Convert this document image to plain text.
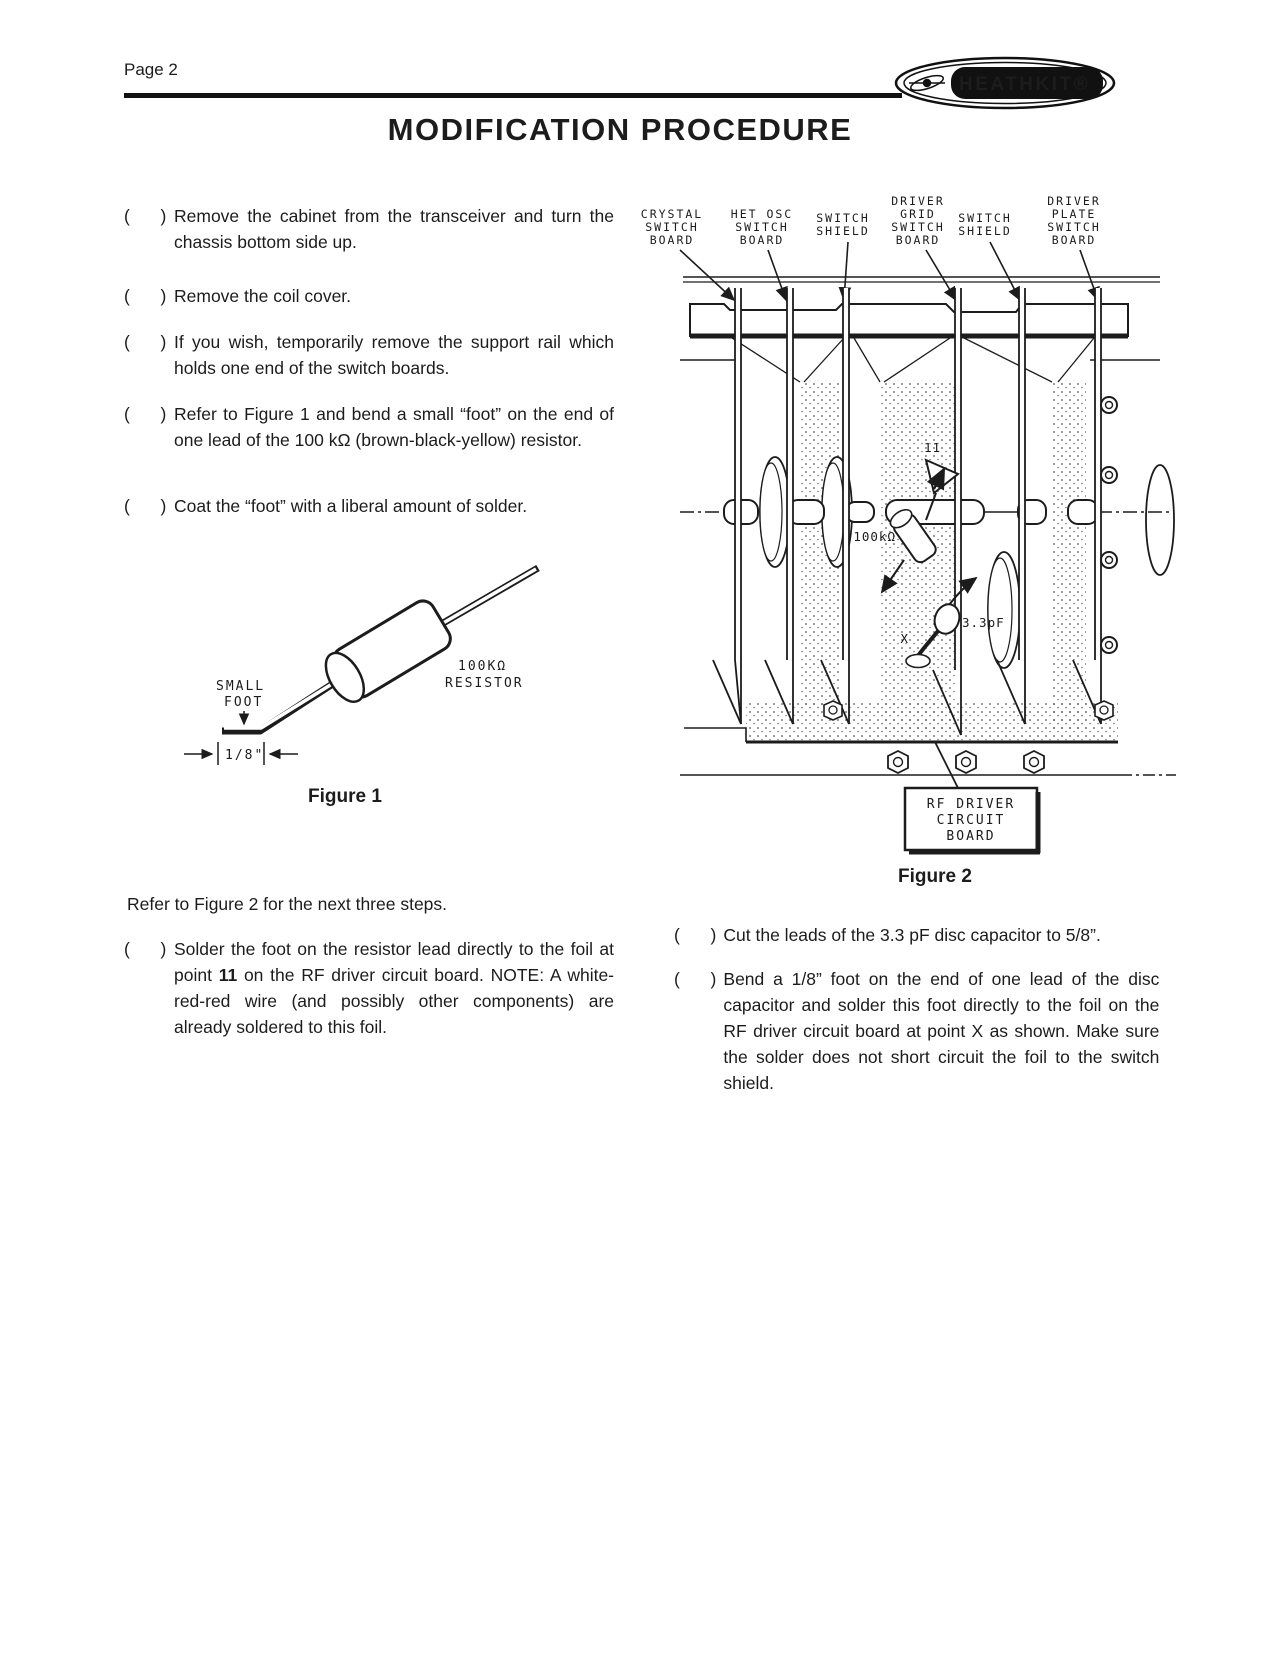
Page 2
HEATHKIT®
MODIFICATION PROCEDURE
(  ) Remove the cabinet from the transceiver and turn the chassis bottom side up.
(  ) Remove the coil cover.
(  ) If you wish, temporarily remove the support rail which holds one end of the switch boards.
(  ) Refer to Figure 1 and bend a small “foot” on the end of one lead of the 100 kΩ (brown-black-yellow) resistor.
(  ) Coat the “foot” with a liberal amount of solder.
SMALL
FOOT
100KΩ
RESISTOR
1/8"
Figure 1
Refer to Figure 2 for the next three steps.
(  ) Solder the foot on the resistor lead directly to the foil at point 11 on the RF driver circuit board. NOTE: A white-red-red wire (and possibly other components) are already soldered to this foil.
CRYSTAL
SWITCH
BOARD
HET OSC
SWITCH
BOARD
SWITCH
SHIELD
DRIVER
GRID
SWITCH
BOARD
SWITCH
SHIELD
DRIVER
PLATE
SWITCH
BOARD
11
100kΩ
3.3pF
X
RF DRIVER
CIRCUIT
BOARD
Figure 2
(  ) Cut the leads of the 3.3 pF disc capacitor to 5/8”.
(  ) Bend a 1/8” foot on the end of one lead of the disc capacitor and solder this foot directly to the foil on the RF driver circuit board at point X as shown. Make sure the solder does not short circuit the foil to the switch shield.
